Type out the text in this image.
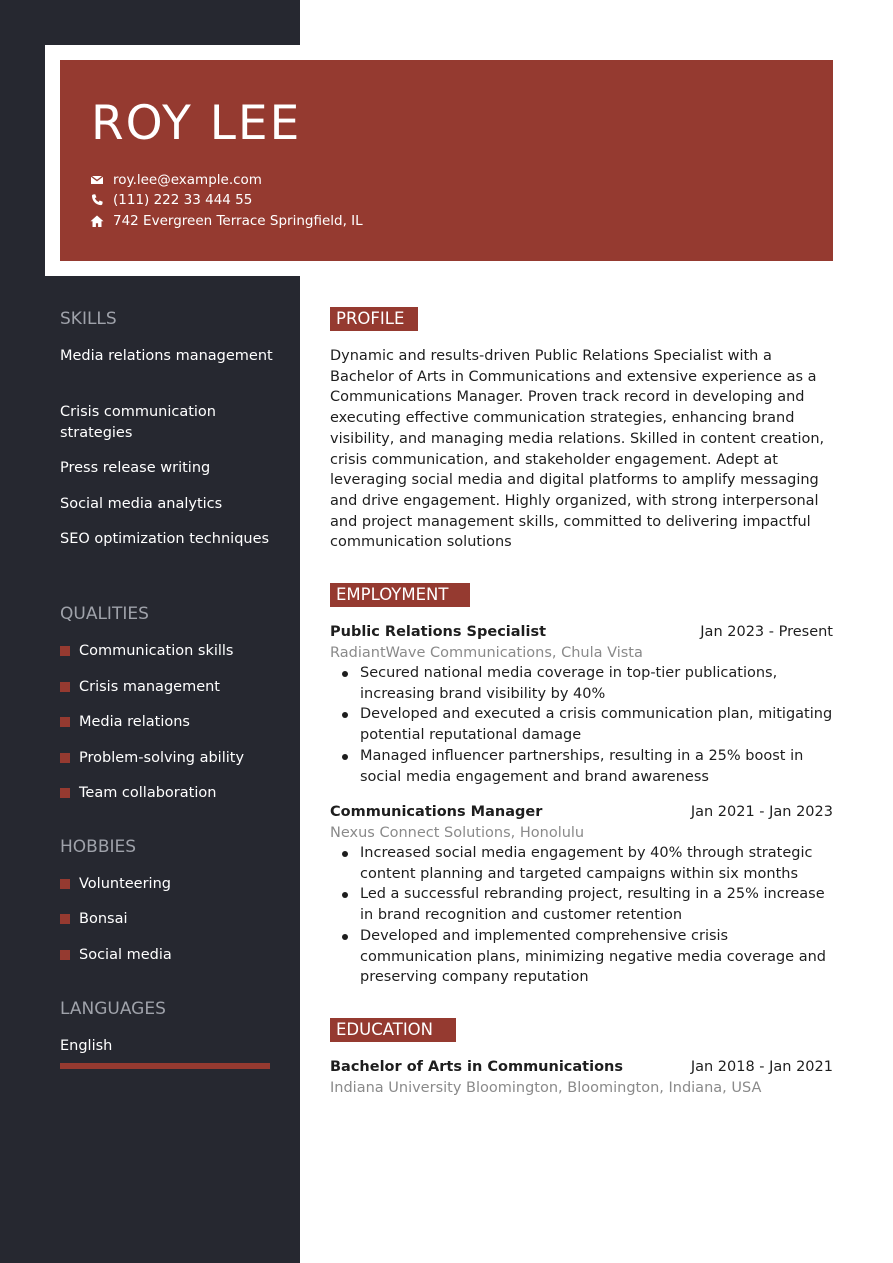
ROY LEE
roy.lee@example.com
(111) 222 33 444 55
742 Evergreen Terrace Springfield, IL
SKILLS
Media relations management
Crisis communication strategies
Press release writing
Social media analytics
SEO optimization techniques
QUALITIES
Communication skills
Crisis management
Media relations
Problem-solving ability
Team collaboration
HOBBIES
Volunteering
Bonsai
Social media
LANGUAGES
English
PROFILE
Dynamic and results-driven Public Relations Specialist with a Bachelor of Arts in Communications and extensive experience as a Communications Manager. Proven track record in developing and executing effective communication strategies, enhancing brand visibility, and managing media relations. Skilled in content creation, crisis communication, and stakeholder engagement. Adept at leveraging social media and digital platforms to amplify messaging and drive engagement. Highly organized, with strong interpersonal and project management skills, committed to delivering impactful communication solutions
EMPLOYMENT
Public Relations Specialist	Jan 2023 - Present
RadiantWave Communications, Chula Vista
Secured national media coverage in top-tier publications, increasing brand visibility by 40%
Developed and executed a crisis communication plan, mitigating potential reputational damage
Managed influencer partnerships, resulting in a 25% boost in social media engagement and brand awareness
Communications Manager	Jan 2021 - Jan 2023
Nexus Connect Solutions, Honolulu
Increased social media engagement by 40% through strategic content planning and targeted campaigns within six months
Led a successful rebranding project, resulting in a 25% increase in brand recognition and customer retention
Developed and implemented comprehensive crisis communication plans, minimizing negative media coverage and preserving company reputation
EDUCATION
Bachelor of Arts in Communications	Jan 2018 - Jan 2021
Indiana University Bloomington, Bloomington, Indiana, USA
